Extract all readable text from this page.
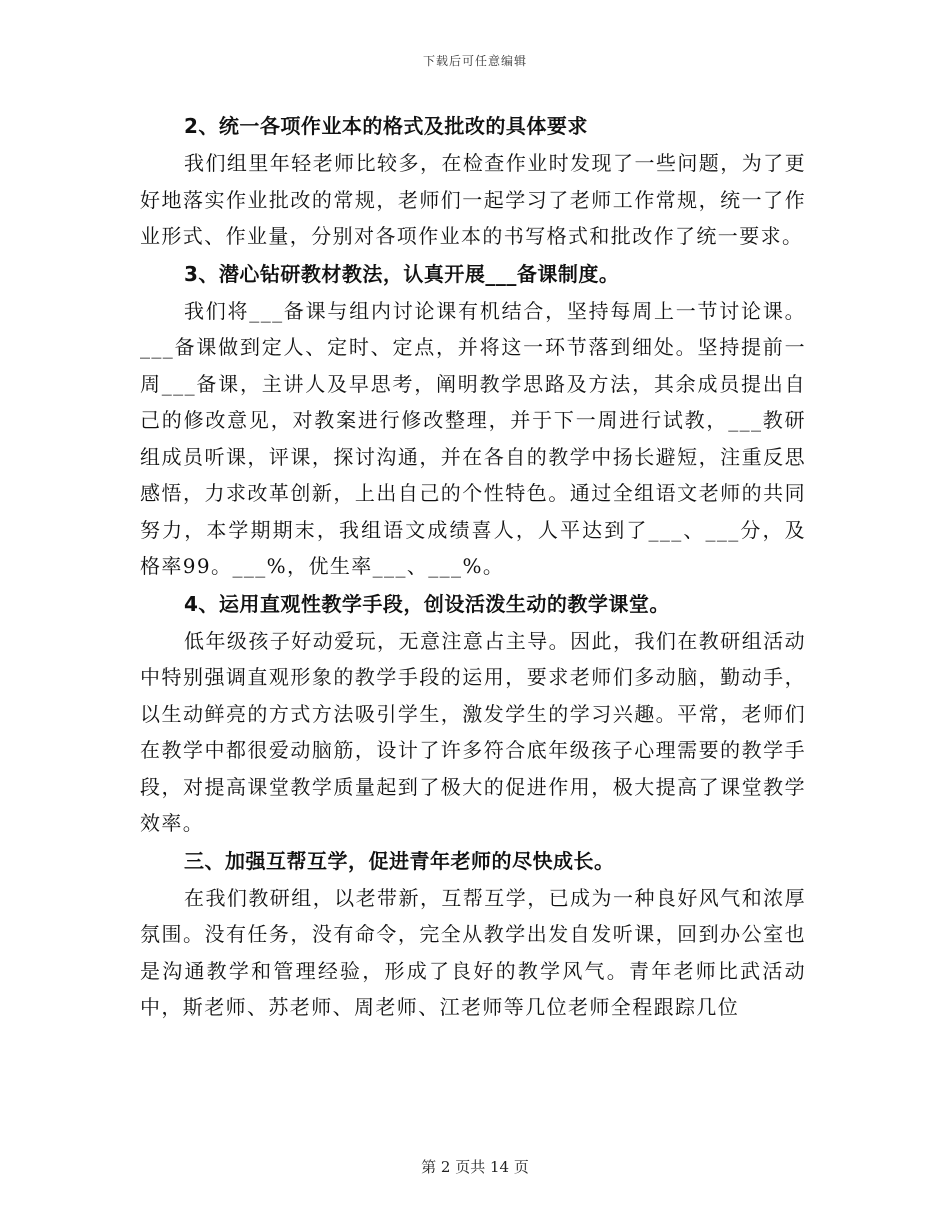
下载后可任意编辑
2、统一各项作业本的格式及批改的具体要求
我们组里年轻老师比较多，在检查作业时发现了一些问题，为了更好地落实作业批改的常规，老师们一起学习了老师工作常规，统一了作业形式、作业量，分别对各项作业本的书写格式和批改作了统一要求。
3、潜心钻研教材教法，认真开展___备课制度。
我们将___备课与组内讨论课有机结合，坚持每周上一节讨论课。___备课做到定人、定时、定点，并将这一环节落到细处。坚持提前一周___备课，主讲人及早思考，阐明教学思路及方法，其余成员提出自己的修改意见，对教案进行修改整理，并于下一周进行试教，___教研组成员听课，评课，探讨沟通，并在各自的教学中扬长避短，注重反思感悟，力求改革创新，上出自己的个性特色。通过全组语文老师的共同努力，本学期期末，我组语文成绩喜人，人平达到了___、___分，及格率99。___%，优生率___、___%。
4、运用直观性教学手段，创设活泼生动的教学课堂。
低年级孩子好动爱玩，无意注意占主导。因此，我们在教研组活动中特别强调直观形象的教学手段的运用，要求老师们多动脑，勤动手，以生动鲜亮的方式方法吸引学生，激发学生的学习兴趣。平常，老师们在教学中都很爱动脑筋，设计了许多符合底年级孩子心理需要的教学手段，对提高课堂教学质量起到了极大的促进作用，极大提高了课堂教学效率。
三、加强互帮互学，促进青年老师的尽快成长。
在我们教研组，以老带新，互帮互学，已成为一种良好风气和浓厚氛围。没有任务，没有命令，完全从教学出发自发听课，回到办公室也是沟通教学和管理经验，形成了良好的教学风气。青年老师比武活动中，斯老师、苏老师、周老师、江老师等几位老师全程跟踪几位
第 2 页共 14 页
